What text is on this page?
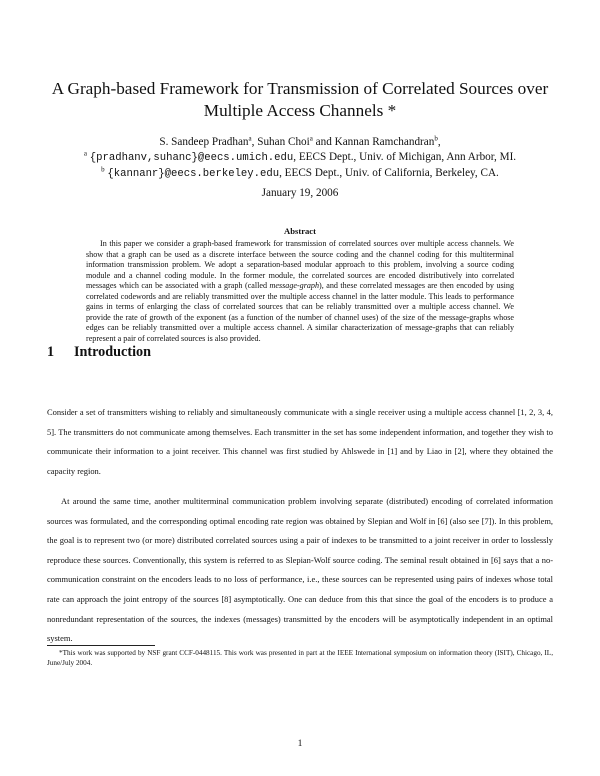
A Graph-based Framework for Transmission of Correlated Sources over
Multiple Access Channels *
S. Sandeep Pradhan$^a$, Suhan Choi$^a$ and Kannan Ramchandran$^b$,
$^a$ {pradhanv,suhanc}@eecs.umich.edu, EECS Dept., Univ. of Michigan, Ann Arbor, MI.
$^b$ {kannanr}@eecs.berkeley.edu, EECS Dept., Univ. of California, Berkeley, CA.
January 19, 2006
Abstract

In this paper we consider a graph-based framework for transmission of correlated sources over multiple access channels. We show that a graph can be used as a discrete interface between the source coding and the channel coding for this multiterminal information transmission problem. We adopt a separation-based modular approach to this problem, involving a source coding module and a channel coding module. In the former module, the correlated sources are encoded distributively into correlated messages which can be associated with a graph (called message-graph), and these correlated messages are then encoded by using correlated codewords and are reliably transmitted over the multiple access channel in the latter module. This leads to performance gains in terms of enlarging the class of correlated sources that can be reliably transmitted over a multiple access channel. We provide the rate of growth of the exponent (as a function of the number of channel uses) of the size of the message-graphs whose edges can be reliably transmitted over a multiple access channel. A similar characterization of message-graphs that can reliably represent a pair of correlated sources is also provided.

1 Introduction

Consider a set of transmitters wishing to reliably and simultaneously communicate with a single receiver using a multiple access channel [1, 2, 3, 4, 5]. The transmitters do not communicate among themselves. Each transmitter in the set has some independent information, and together they wish to communicate their information to a joint receiver. This channel was first studied by Ahlswede in [1] and by Liao in [2], where they obtained the capacity region.

At around the same time, another multiterminal communication problem involving separate (distributed) encoding of correlated information sources was formulated, and the corresponding optimal encoding rate region was obtained by Slepian and Wolf in [6] (also see [7]). In this problem, the goal is to represent two (or more) distributed correlated sources using a pair of indexes to be transmitted to a joint receiver in order to losslessly reproduce these sources. Conventionally, this system is referred to as Slepian-Wolf source coding. The seminal result obtained in [6] says that a no-communication constraint on the encoders leads to no loss of performance, i.e., these sources can be represented using pairs of indexes whose total rate can approach the joint entropy of the sources [8] asymptotically. One can deduce from this that since the goal of the encoders is to produce a nonredundant representation of the sources, the indexes (messages) transmitted by the encoders will be asymptotically independent in an optimal system.

*This work was supported by NSF grant CCF-0448115. This work was presented in part at the IEEE International symposium on information theory (ISIT), Chicago, IL, June/July 2004.

1
